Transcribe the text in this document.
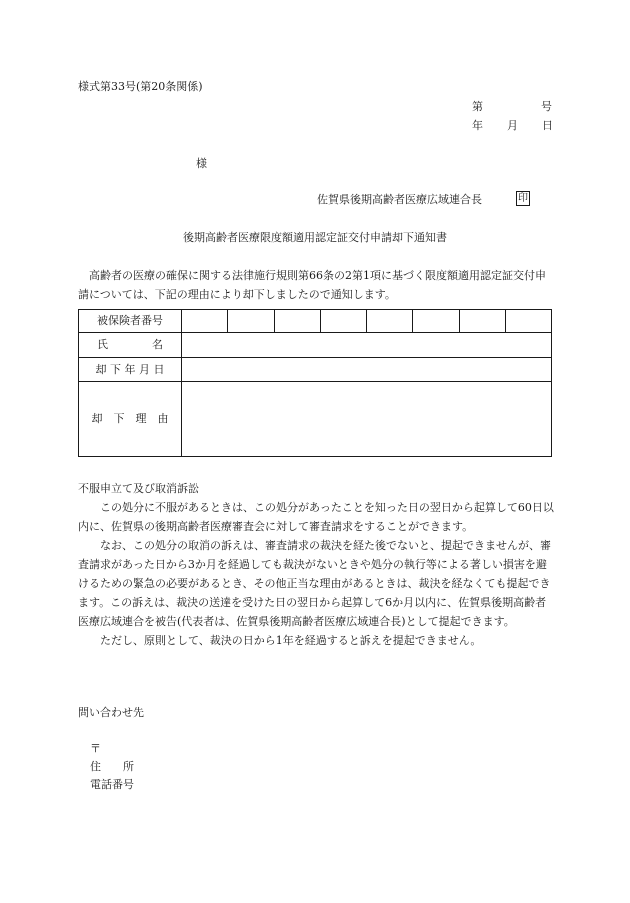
様式第33号(第20条関係)
第	号
年 月 日
様
佐賀県後期高齢者医療広域連合長	印
後期高齢者医療限度額適用認定証交付申請却下通知書
高齢者の医療の確保に関する法律施行規則第66条の2第1項に基づく限度額適用認定証交付申請については、下記の理由により却下しましたので通知します。
被保険者番号								
氏 名								
却 下 年 月 日								
却　下　理　由								
不服申立て及び取消訴訟

この処分に不服があるときは、この処分があったことを知った日の翌日から起算して60日以内に、佐賀県の後期高齢者医療審査会に対して審査請求をすることができます。

なお、この処分の取消の訴えは、審査請求の裁決を経た後でないと、提起できませんが、審査請求があった日から3か月を経過しても裁決がないときや処分の執行等による著しい損害を避けるための緊急の必要があるとき、その他正当な理由があるときは、裁決を経なくても提起できます。この訴えは、裁決の送達を受けた日の翌日から起算して6か月以内に、佐賀県後期高齢者医療広域連合を被告(代表者は、佐賀県後期高齢者医療広域連合長)として提起できます。

ただし、原則として、裁決の日から1年を経過すると訴えを提起できません。

問い合わせ先
〒
住　　所
電話番号
